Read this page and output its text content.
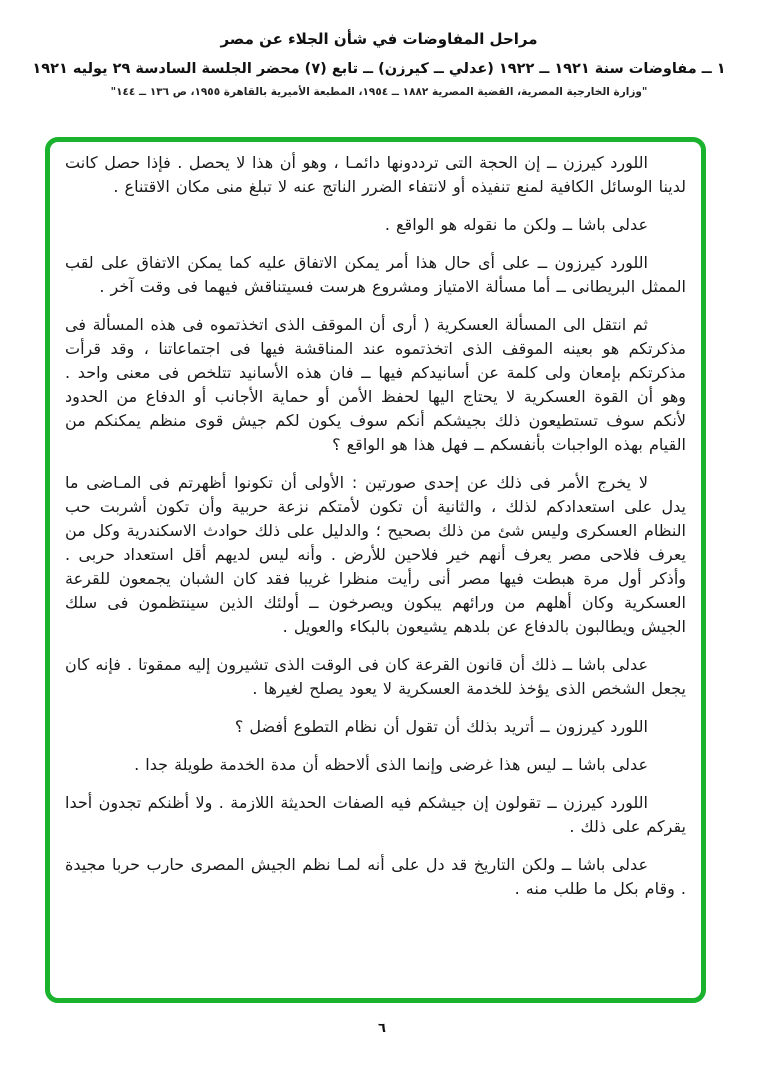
مراحل المفاوضات في شأن الجلاء عن مصر

١ ــ مفاوضات سنة ١٩٢١ ــ ١٩٢٢ (عدلي ــ كيرزن) ــ تابع (٧) محضر الجلسة السادسة ٢٩ يوليه ١٩٢١

"وزارة الخارجية المصرية، القضية المصرية ١٨٨٢ ــ ١٩٥٤، المطبعة الأميرية بالقاهرة ١٩٥٥، ص ١٣٦ ــ ١٤٤"

اللورد كيرزن ــ إن الحجة التى ترددونها دائمـا ، وهو أن هذا لا يحصل . فإذا حصل كانت لدينا الوسائل الكافية لمنع تنفيذه أو لانتفاء الضرر الناتج عنه لا تبلغ منى مكان الاقتناع .

عدلى باشا ــ ولكن ما نقوله هو الواقع .

اللورد كيرزون ــ على أى حال هذا أمر يمكن الاتفاق عليه كما يمكن الاتفاق على لقب الممثل البريطانى ــ أما مسألة الامتياز ومشروع هرست فسيتناقش فيهما فى وقت آخر .

ثم انتقل الى المسألة العسكرية ( أرى أن الموقف الذى اتخذتموه فى هذه المسألة فى مذكرتكم هو بعينه الموقف الذى اتخذتموه عند المناقشة فيها فى اجتماعاتنا ، وقد قرأت مذكرتكم بإمعان ولى كلمة عن أسانيدكم فيها ــ فان هذه الأسانيد تتلخص فى معنى واحد . وهو أن القوة العسكرية لا يحتاج اليها لحفظ الأمن أو حماية الأجانب أو الدفاع من الحدود لأنكم سوف تستطيعون ذلك بجيشكم أنكم سوف يكون لكم جيش قوى منظم يمكنكم من القيام بهذه الواجبات بأنفسكم ــ فهل هذا هو الواقع ؟

لا يخرج الأمر فى ذلك عن إحدى صورتين : الأولى أن تكونوا أظهرتم فى المـاضى ما يدل على استعدادكم لذلك ، والثانية أن تكون لأمتكم نزعة حربية وأن تكون أشربت حب النظام العسكرى وليس شئ من ذلك بصحيح ؛ والدليل على ذلك حوادث الاسكندرية وكل من يعرف فلاحى مصر يعرف أنهم خير فلاحين للأرض . وأنه ليس لديهم أقل استعداد حربى . وأذكر أول مرة هبطت فيها مصر أنى رأيت منظرا غريبا فقد كان الشبان يجمعون للقرعة العسكرية وكان أهلهم من ورائهم يبكون ويصرخون ــ أولئك الذين سينتظمون فى سلك الجيش ويطالبون بالدفاع عن بلدهم يشيعون بالبكاء والعويل .

عدلى باشا ــ ذلك أن قانون القرعة كان فى الوقت الذى تشيرون إليه ممقوتا . فإنه كان يجعل الشخص الذى يؤخذ للخدمة العسكرية لا يعود يصلح لغيرها .

اللورد كيرزون ــ أتريد بذلك أن تقول أن نظام التطوع أفضل ؟

عدلى باشا ــ ليس هذا غرضى وإنما الذى ألاحظه أن مدة الخدمة طويلة جدا .

اللورد كيرزن ــ تقولون إن جيشكم فيه الصفات الحديثة اللازمة . ولا أظنكم تجدون أحدا يقركم على ذلك .

عدلى باشا ــ ولكن التاريخ قد دل على أنه لمـا نظم الجيش المصرى حارب حربا مجيدة . وقام بكل ما طلب منه .

٦
